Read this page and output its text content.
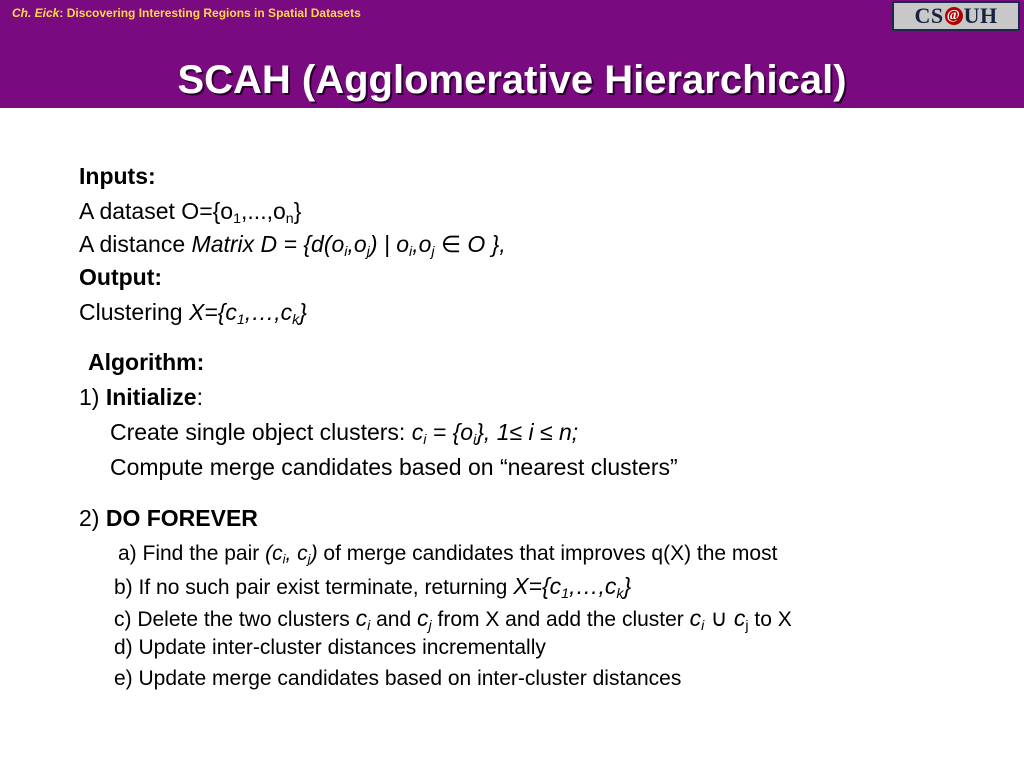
Ch. Eick: Discovering Interesting Regions in Spatial Datasets	CS @ UH
SCAH (Agglomerative Hierarchical)
Inputs:
A dataset $O=\{o_1,...,o_n\}$
A distance Matrix $D = \{d(o_i,o_j)$ | $o_i,o_j$ ∈ O },
Output:
Clustering $X=\{c_1,\dots,c_k\}$
Algorithm:
1) Initialize:
Create single object clusters: $c_i = \{o_i\}$, 1≤ i ≤ n;
Compute merge candidates based on “nearest clusters”
2) DO FOREVER
a) Find the pair ($c_i$, $c_j$) of merge candidates that improves q(X) the most
b) If no such pair exist terminate, returning $X=\{c_1,\dots,c_k\}$
c) Delete the two clusters $c_i$ and $c_j$ from X and add the cluster $c_i$ ∪ $c_j$ to X
d) Update inter-cluster distances incrementally
e) Update merge candidates based on inter-cluster distances
